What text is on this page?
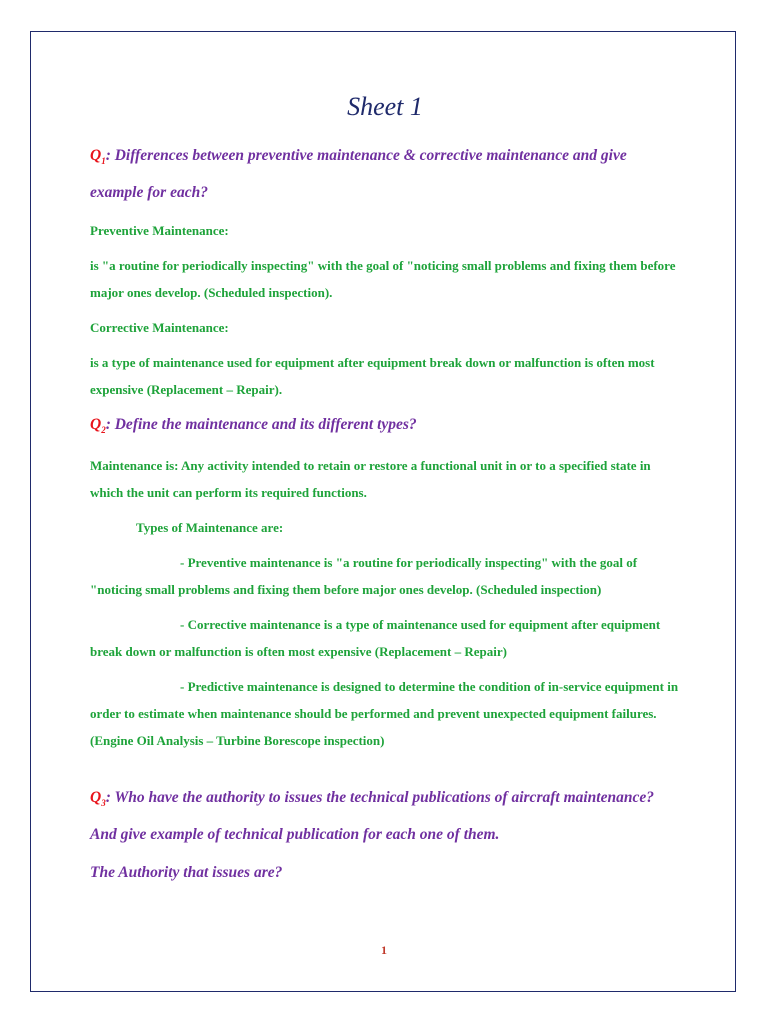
Sheet 1

$Q_1$: Differences between preventive maintenance & corrective maintenance and give example for each?

Preventive Maintenance:

is "a routine for periodically inspecting" with the goal of "noticing small problems and fixing them before major ones develop. (Scheduled inspection).

Corrective Maintenance:

is a type of maintenance used for equipment after equipment break down or malfunction is often most expensive (Replacement – Repair).

$Q_2$: Define the maintenance and its different types?

Maintenance is: Any activity intended to retain or restore a functional unit in or to a specified state in which the unit can perform its required functions.

Types of Maintenance are:

- Preventive maintenance is "a routine for periodically inspecting" with the goal of "noticing small problems and fixing them before major ones develop. (Scheduled inspection)

- Corrective maintenance is a type of maintenance used for equipment after equipment break down or malfunction is often most expensive (Replacement – Repair)

- Predictive maintenance is designed to determine the condition of in-service equipment in order to estimate when maintenance should be performed and prevent unexpected equipment failures. (Engine Oil Analysis – Turbine Borescope inspection)

$Q_3$: Who have the authority to issues the technical publications of aircraft maintenance? And give example of technical publication for each one of them.

The Authority that issues are?

1
